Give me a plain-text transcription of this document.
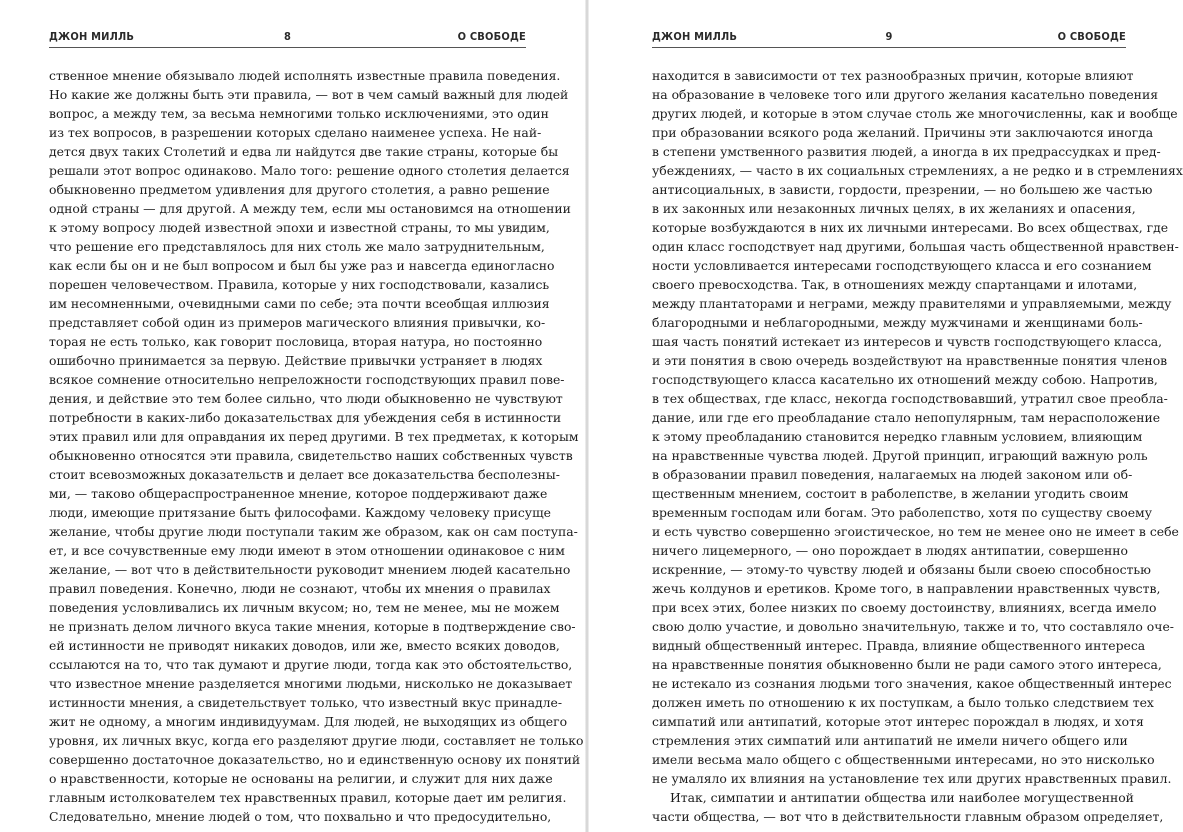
ДЖОН МИЛЛЬ	8	О СВОБОДЕ
ственное мнение обязывало людей исполнять известные правила поведения.
Но какие же должны быть эти правила, — вот в чем самый важный для людей
вопрос, а между тем, за весьма немногими только исключениями, это один
из тех вопросов, в разрешении которых сделано наименее успеха. Не най-
дется двух таких Столетий и едва ли найдутся две такие страны, которые бы
решали этот вопрос одинаково. Мало того: решение одного столетия делается
обыкновенно предметом удивления для другого столетия, а равно решение
одной страны — для другой. А между тем, если мы остановимся на отношении
к этому вопросу людей известной эпохи и известной страны, то мы увидим,
что решение его представлялось для них столь же мало затруднительным,
как если бы он и не был вопросом и был бы уже раз и навсегда единогласно
порешен человечеством. Правила, которые у них господствовали, казались
им несомненными, очевидными сами по себе; эта почти всеобщая иллюзия
представляет собой один из примеров магического влияния привычки, ко-
торая не есть только, как говорит пословица, вторая натура, но постоянно
ошибочно принимается за первую. Действие привычки устраняет в людях
всякое сомнение относительно непреложности господствующих правил пове-
дения, и действие это тем более сильно, что люди обыкновенно не чувствуют
потребности в каких-либо доказательствах для убеждения себя в истинности
этих правил или для оправдания их перед другими. В тех предметах, к которым
обыкновенно относятся эти правила, свидетельство наших собственных чувств
стоит всевозможных доказательств и делает все доказательства бесполезны-
ми, — таково общераспространенное мнение, которое поддерживают даже
люди, имеющие притязание быть философами. Каждому человеку присуще
желание, чтобы другие люди поступали таким же образом, как он сам поступа-
ет, и все сочувственные ему люди имеют в этом отношении одинаковое с ним
желание, — вот что в действительности руководит мнением людей касательно
правил поведения. Конечно, люди не сознают, чтобы их мнения о правилах
поведения условливались их личным вкусом; но, тем не менее, мы не можем
не признать делом личного вкуса такие мнения, которые в подтверждение сво-
ей истинности не приводят никаких доводов, или же, вместо всяких доводов,
ссылаются на то, что так думают и другие люди, тогда как это обстоятельство,
что известное мнение разделяется многими людьми, нисколько не доказывает
истинности мнения, а свидетельствует только, что известный вкус принадле-
жит не одному, а многим индивидуумам. Для людей, не выходящих из общего
уровня, их личных вкус, когда его разделяют другие люди, составляет не только
совершенно достаточное доказательство, но и единственную основу их понятий
о нравственности, которые не основаны на религии, и служит для них даже
главным истолкователем тех нравственных правил, которые дает им религия.
Следовательно, мнение людей о том, что похвально и что предосудительно,
ДЖОН МИЛЛЬ	9	О СВОБОДЕ
находится в зависимости от тех разнообразных причин, которые влияют
на образование в человеке того или другого желания касательно поведения
других людей, и которые в этом случае столь же многочисленны, как и вообще
при образовании всякого рода желаний. Причины эти заключаются иногда
в степени умственного развития людей, а иногда в их предрассудках и пред-
убеждениях, — часто в их социальных стремлениях, а не редко и в стремлениях
антисоциальных, в зависти, гордости, презрении, — но большею же частью
в их законных или незаконных личных целях, в их желаниях и опасения,
которые возбуждаются в них их личными интересами. Во всех обществах, где
один класс господствует над другими, большая часть общественной нравствен-
ности условливается интересами господствующего класса и его сознанием
своего превосходства. Так, в отношениях между спартанцами и илотами,
между плантаторами и неграми, между правителями и управляемыми, между
благородными и неблагородными, между мужчинами и женщинами боль-
шая часть понятий истекает из интересов и чувств господствующего класса,
и эти понятия в свою очередь воздействуют на нравственные понятия членов
господствующего класса касательно их отношений между собою. Напротив,
в тех обществах, где класс, некогда господствовавший, утратил свое преобла-
дание, или где его преобладание стало непопулярным, там нерасположение
к этому преобладанию становится нередко главным условием, влияющим
на нравственные чувства людей. Другой принцип, играющий важную роль
в образовании правил поведения, налагаемых на людей законом или об-
щественным мнением, состоит в раболепстве, в желании угодить своим
временным господам или богам. Это раболепство, хотя по существу своему
и есть чувство совершенно эгоистическое, но тем не менее оно не имеет в себе
ничего лицемерного, — оно порождает в людях антипатии, совершенно
искренние, — этому-то чувству людей и обязаны были своею способностью
жечь колдунов и еретиков. Кроме того, в направлении нравственных чувств,
при всех этих, более низких по своему достоинству, влияниях, всегда имело
свою долю участие, и довольно значительную, также и то, что составляло оче-
видный общественный интерес. Правда, влияние общественного интереса
на нравственные понятия обыкновенно были не ради самого этого интереса,
не истекало из сознания людьми того значения, какое общественный интерес
должен иметь по отношению к их поступкам, а было только следствием тех
симпатий или антипатий, которые этот интерес порождал в людях, и хотя
стремления этих симпатий или антипатий не имели ничего общего или
имели весьма мало общего с общественными интересами, но это нисколько
не умаляло их влияния на установление тех или других нравственных правил.
Итак, симпатии и антипатии общества или наиболее могущественной
части общества, — вот что в действительности главным образом определяет,
